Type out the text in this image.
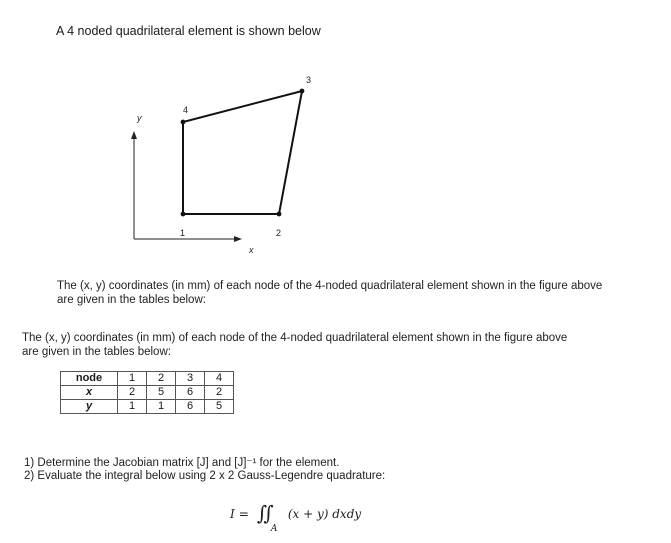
A 4 noded quadrilateral element is shown below
y
x
1	2
3
4
The (x, y) coordinates (in mm) of each node of the 4-noded quadrilateral element shown in the figure above are given in the tables below:
The (x, y) coordinates (in mm) of each node of the 4-noded quadrilateral element shown in the figure above are given in the tables below:
node	1	2	3	4
x	2	5	6	2
y	1	1	6	5
1) Determine the Jacobian matrix [J] and [J]⁻¹ for the element.
2) Evaluate the integral below using 2 x 2 Gauss-Legendre quadrature:
I = ∬
A
(x + y) dxdy
